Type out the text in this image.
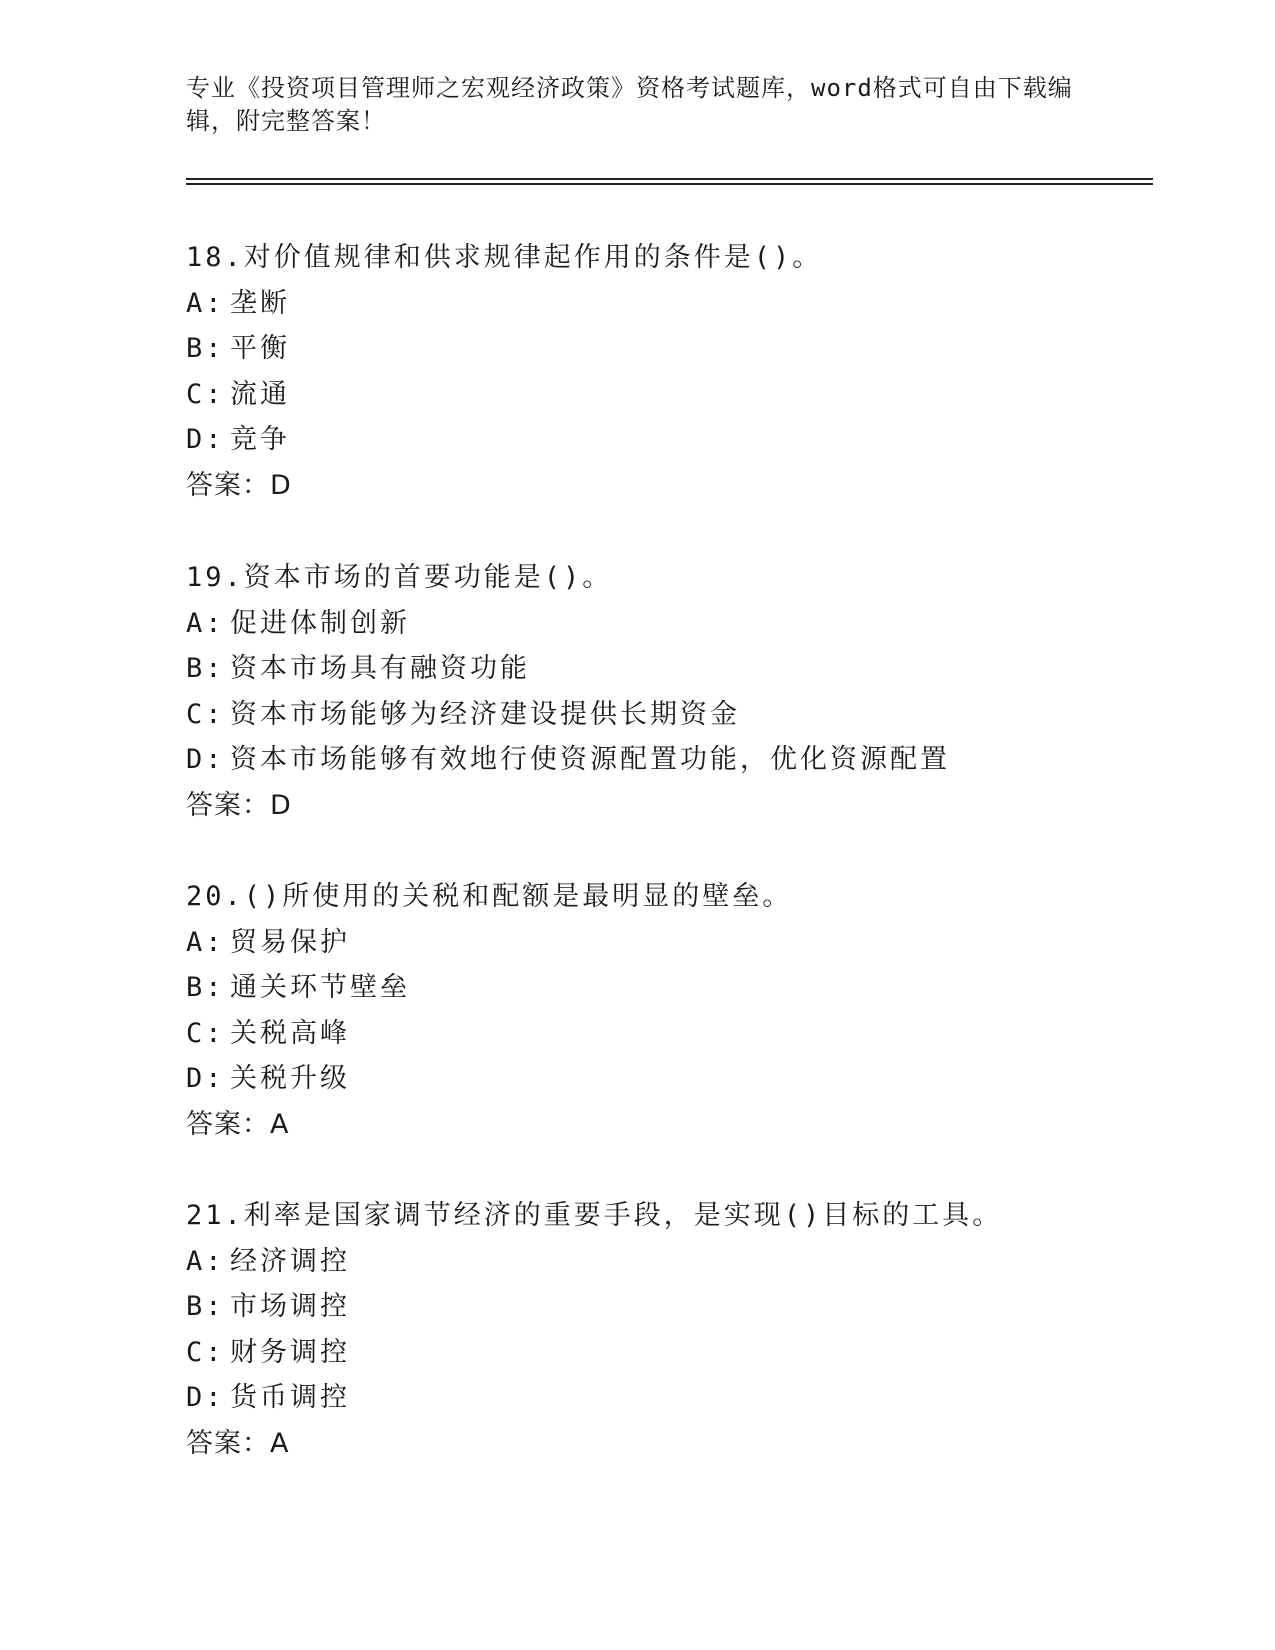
专业《投资项目管理师之宏观经济政策》资格考试题库，word格式可自由下载编
辑，附完整答案！
18.对价值规律和供求规律起作用的条件是()。
A: 垄断
B: 平衡
C: 流通
D: 竞争
答案：D
19.资本市场的首要功能是()。
A: 促进体制创新
B: 资本市场具有融资功能
C: 资本市场能够为经济建设提供长期资金
D: 资本市场能够有效地行使资源配置功能，优化资源配置
答案：D
20.()所使用的关税和配额是最明显的壁垒。
A: 贸易保护
B: 通关环节壁垒
C: 关税高峰
D: 关税升级
答案：A
21.利率是国家调节经济的重要手段，是实现()目标的工具。
A: 经济调控
B: 市场调控
C: 财务调控
D: 货币调控
答案：A
